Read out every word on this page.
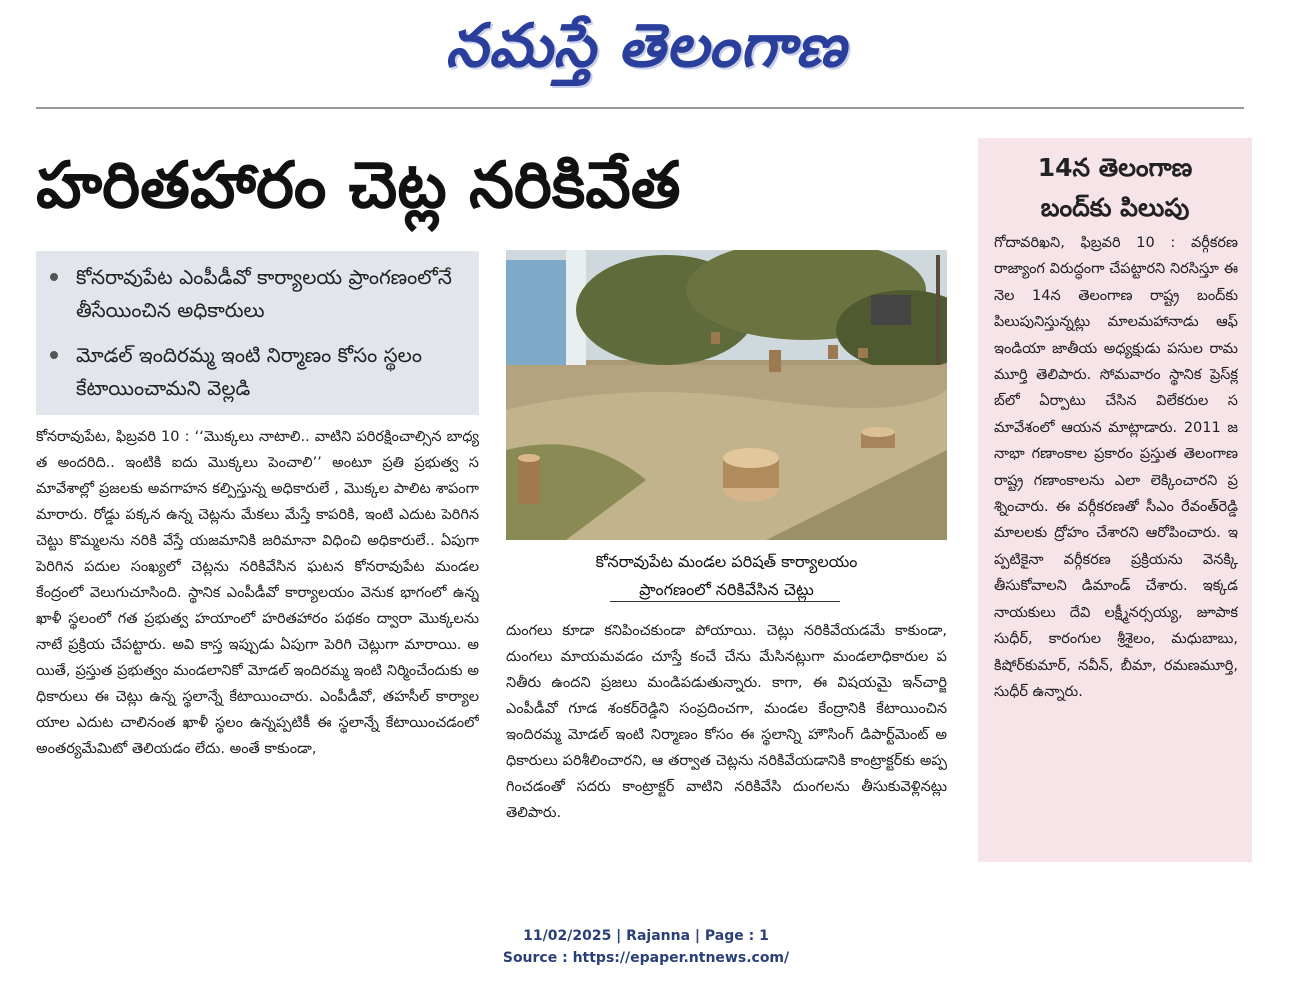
నమస్తే తెలంగాణ
హరితహారం చెట్ల నరికివేత
కోనరావుపేట ఎంపీడీవో కార్యాలయ ప్రాంగణంలోనే తీసేయించిన అధికారులు
మోడల్ ఇందిరమ్మ ఇంటి నిర్మాణం కోసం స్థలం కేటాయించామని వెల్లడి
కోనరావుపేట, ఫిబ్రవరి 10 : ‘‘మొక్కలు నాటాలి.. వాటిని పరిరక్షించాల్సిన బాధ్యత అందరిది.. ఇంటికి ఐదు మొక్కలు పెంచాలి’’ అంటూ ప్రతి ప్రభుత్వ సమావేశాల్లో ప్రజలకు అవగాహన కల్పిస్తున్న అధికారులే , మొక్కల పాలిట శాపంగా మారారు. రోడ్డు పక్కన ఉన్న చెట్లను మేకలు మేస్తే కాపరికి, ఇంటి ఎదుట పెరిగిన చెట్టు కొమ్మలను నరికి వేస్తే యజమానికి జరిమానా విధించి అధికారులే.. ఏపుగా పెరిగిన పదుల సంఖ్యలో చెట్లను నరికివేసిన ఘటన కోనరావుపేట మండల కేంద్రంలో వెలుగుచూసింది. స్థానిక ఎంపీడీవో కార్యాలయం వెనుక భాగంలో ఉన్న ఖాళీ స్థలంలో గత ప్రభుత్వ హయాంలో హరితహారం పథకం ద్వారా మొక్కలను నాటే ప్రక్రియ చేపట్టారు. అవి కాస్త ఇప్పుడు ఏపుగా పెరిగి చెట్లుగా మారాయి. అయితే, ప్రస్తుత ప్రభుత్వం మండలానికో మోడల్ ఇందిరమ్మ ఇంటి నిర్మించేందుకు అధికారులు ఈ చెట్లు ఉన్న స్థలాన్నే కేటాయించారు. ఎంపీడీవో, తహసీల్ కార్యాలయాల ఎదుట చాలినంత ఖాళీ స్థలం ఉన్నప్పటికీ ఈ స్థలాన్నే కేటాయించడంలో అంతర్యమేమిటో తెలియడం లేదు. అంతే కాకుండా,
కోనరావుపేట మండల పరిషత్ కార్యాలయం
ప్రాంగణంలో నరికివేసిన చెట్లు
దుంగలు కూడా కనిపించకుండా పోయాయి. చెట్లు నరికివేయడమే కాకుండా, దుంగలు మాయమవడం చూస్తే కంచే చేను మేసినట్లుగా మండలాధికారుల పనితీరు ఉందని ప్రజలు మండిపడుతున్నారు. కాగా, ఈ విషయమై ఇన్‌చార్జి ఎంపీడీవో గూడ శంకర్‌రెడ్డిని సంప్రదించగా, మండల కేంద్రానికి కేటాయించిన ఇందిరమ్మ మోడల్ ఇంటి నిర్మాణం కోసం ఈ స్థలాన్ని హౌసింగ్ డిపార్ట్‌మెంట్ అధికారులు పరిశీలించారని, ఆ తర్వాత చెట్లను నరికివేయడానికి కాంట్రాక్టర్‌కు అప్పగించడంతో సదరు కాంట్రాక్టర్ వాటిని నరికివేసి దుంగలను తీసుకువెళ్లినట్లు తెలిపారు.
14న తెలంగాణ
బంద్‌కు పిలుపు
గోదావరిఖని, ఫిబ్రవరి 10 : వర్గీకరణ రాజ్యాంగ విరుద్ధంగా చేపట్టారని నిరసిస్తూ ఈ నెల 14న తెలంగాణ రాష్ట్ర బంద్‌కు పిలుపునిస్తున్నట్లు మాలమహానాడు ఆఫ్ ఇండియా జాతీయ అధ్యక్షుడు పసుల రామమూర్తి తెలిపారు. సోమవారం స్థానిక ప్రెస్‌క్లబ్‌లో ఏర్పాటు చేసిన విలేకరుల సమావేశంలో ఆయన మాట్లాడారు. 2011 జనాభా గణాంకాల ప్రకారం ప్రస్తుత తెలంగాణ రాష్ట్ర గణాంకాలను ఎలా లెక్కించారని ప్రశ్నించారు. ఈ వర్గీకరణతో సీఎం రేవంత్‌రెడ్డి మాలలకు ద్రోహం చేశారని ఆరోపించారు. ఇప్పటికైనా వర్గీకరణ ప్రక్రియను వెనక్కి తీసుకోవాలని డిమాండ్ చేశారు. ఇక్కడ నాయకులు దేవి లక్ష్మీనర్సయ్య, జూపాక సుధీర్, కారంగుల శ్రీశైలం, మధుబాబు, కిషోర్‌కుమార్, నవీన్, బీమా, రమణమూర్తి, సుధీర్ ఉన్నారు.
11/02/2025 | Rajanna | Page : 1
Source : https://epaper.ntnews.com/
